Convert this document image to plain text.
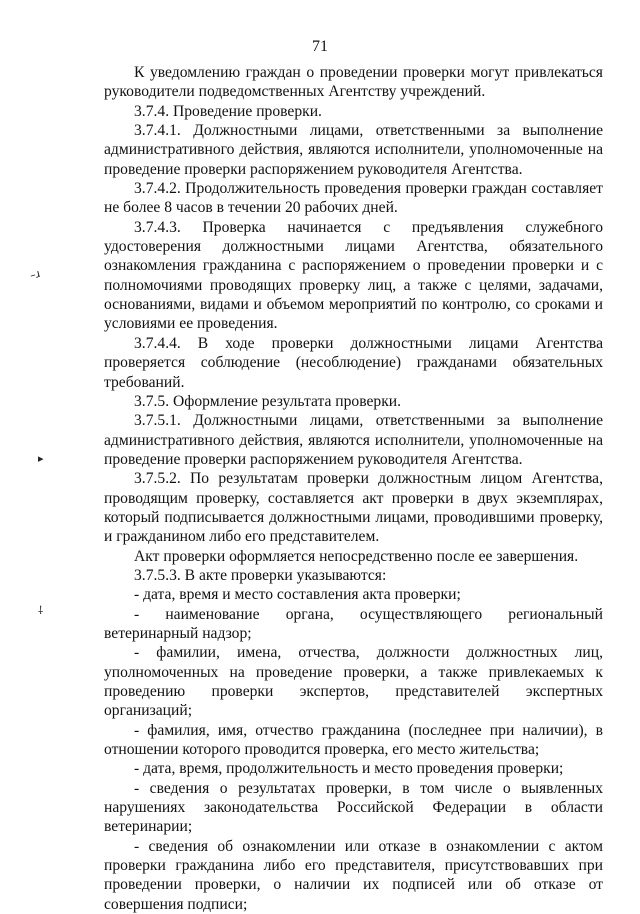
71
–ɹ
▸
⸸

К уведомлению граждан о проведении проверки могут привлекаться руководители подведомственных Агентству учреждений.

3.7.4. Проведение проверки.

3.7.4.1. Должностными лицами, ответственными за выполнение административного действия, являются исполнители, уполномоченные на проведение проверки распоряжением руководителя Агентства.

3.7.4.2. Продолжительность проведения проверки граждан составляет не более 8 часов в течении 20 рабочих дней.

3.7.4.3. Проверка начинается с предъявления служебного удостоверения должностными лицами Агентства, обязательного ознакомления гражданина с распоряжением о проведении проверки и с полномочиями проводящих проверку лиц, а также с целями, задачами, основаниями, видами и объемом мероприятий по контролю, со сроками и условиями ее проведения.

3.7.4.4. В ходе проверки должностными лицами Агентства проверяется соблюдение (несоблюдение) гражданами обязательных требований.

3.7.5. Оформление результата проверки.

3.7.5.1. Должностными лицами, ответственными за выполнение административного действия, являются исполнители, уполномоченные на проведение проверки распоряжением руководителя Агентства.

3.7.5.2. По результатам проверки должностным лицом Агентства, проводящим проверку, составляется акт проверки в двух экземплярах, который подписывается должностными лицами, проводившими проверку, и гражданином либо его представителем.

Акт проверки оформляется непосредственно после ее завершения.

3.7.5.3. В акте проверки указываются:

- дата, время и место составления акта проверки;

- наименование органа, осуществляющего региональный ветеринарный надзор;

- фамилии, имена, отчества, должности должностных лиц, уполномоченных на проведение проверки, а также привлекаемых к проведению проверки экспертов, представителей экспертных организаций;

- фамилия, имя, отчество гражданина (последнее при наличии), в отношении которого проводится проверка, его место жительства;

- дата, время, продолжительность и место проведения проверки;

- сведения о результатах проверки, в том числе о выявленных нарушениях законодательства Российской Федерации в области ветеринарии;

- сведения об ознакомлении или отказе в ознакомлении с актом проверки гражданина либо его представителя, присутствовавших при проведении проверки, о наличии их подписей или об отказе от совершения подписи;
